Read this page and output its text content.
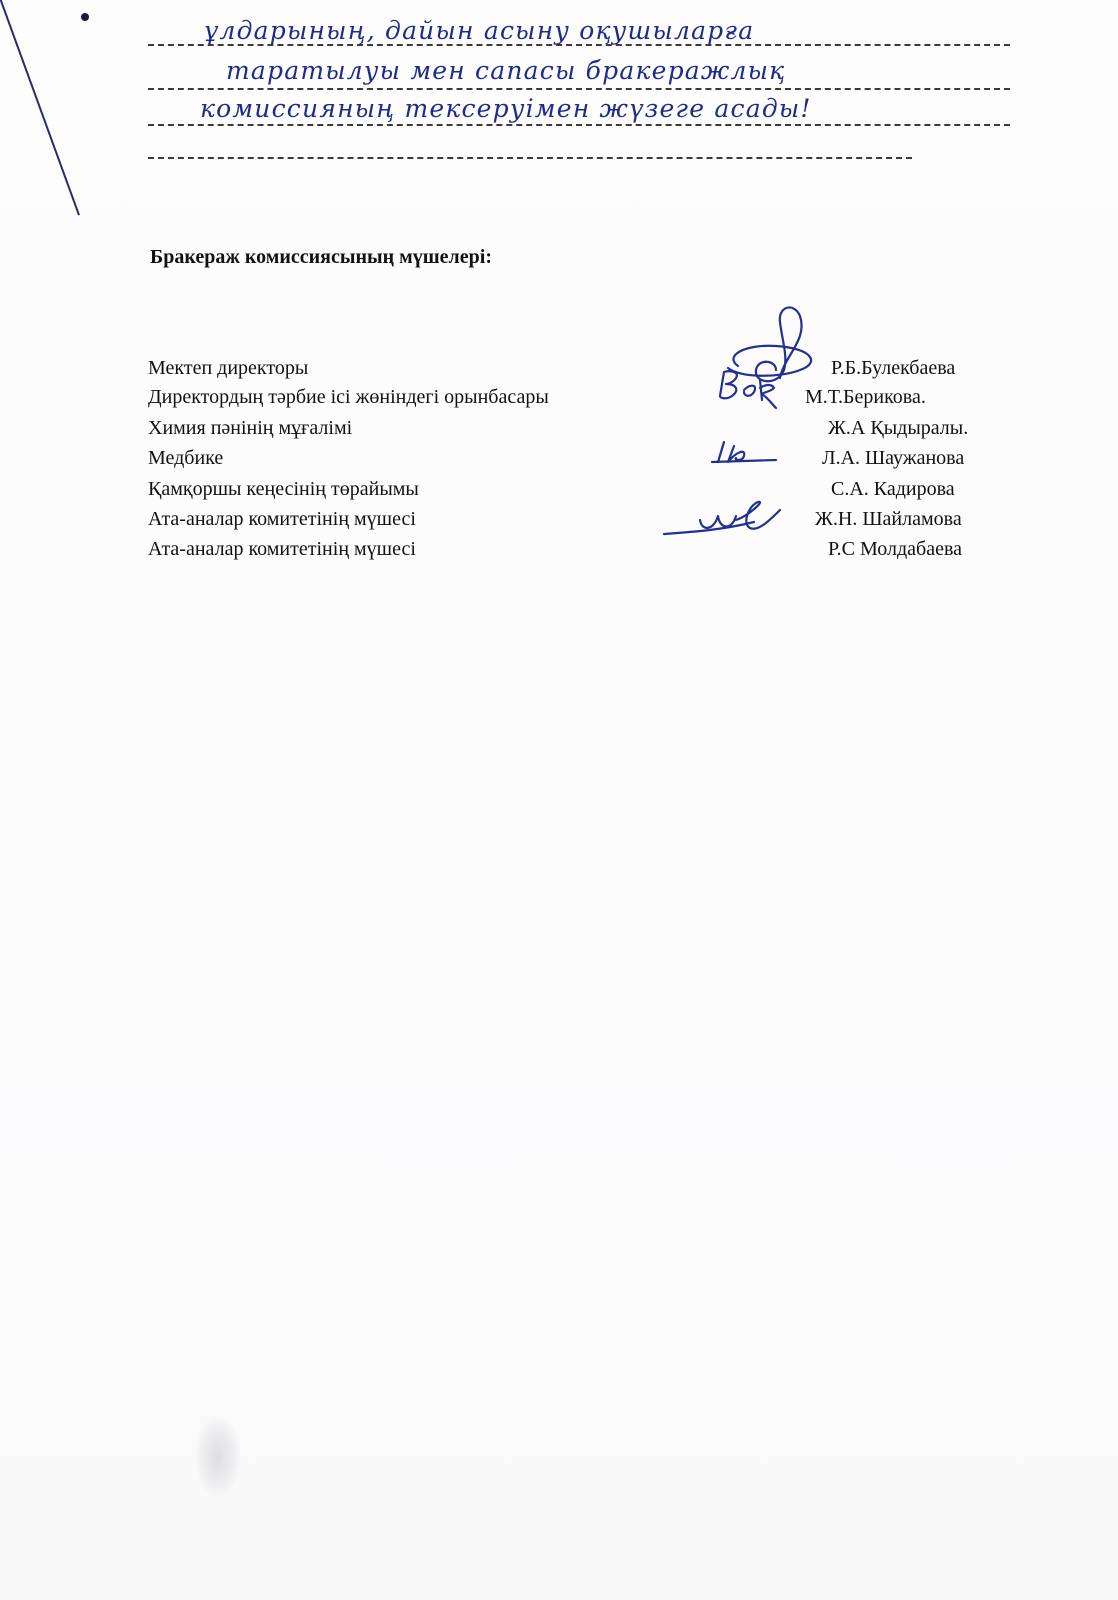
ұлдарының, дайын асыну оқушыларға
таратылуы мен сапасы бракеражлық
комиссияның тексеруімен жүзеге асады!
Бракераж комиссиясының мүшелері:
Мектеп директоры	Р.Б.Булекбаева
Директордың тәрбие ісі жөніндегі орынбасары	М.Т.Берикова.
Химия пәнінің мұғалімі	Ж.А Қыдыралы.
Медбике	Л.А. Шаужанова
Қамқоршы кеңесінің төрайымы	С.А. Кадирова
Ата-аналар комитетінің мүшесі	Ж.Н. Шайламова
Ата-аналар комитетінің мүшесі	Р.С Молдабаева
